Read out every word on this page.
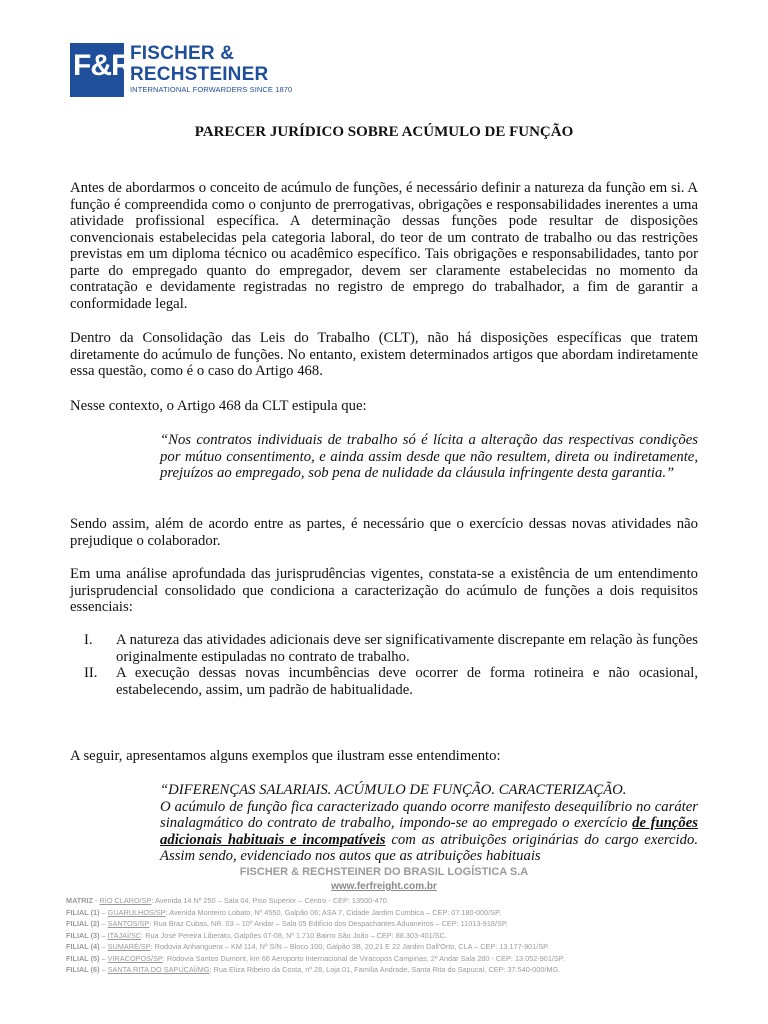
F&R
FISCHER &
RECHSTEINER
INTERNATIONAL FORWARDERS SINCE 1870
PARECER JURÍDICO SOBRE ACÚMULO DE FUNÇÃO

Antes de abordarmos o conceito de acúmulo de funções, é necessário definir a natureza da função em si. A função é compreendida como o conjunto de prerrogativas, obrigações e responsabilidades inerentes a uma atividade profissional específica. A determinação dessas funções pode resultar de disposições convencionais estabelecidas pela categoria laboral, do teor de um contrato de trabalho ou das restrições previstas em um diploma técnico ou acadêmico específico. Tais obrigações e responsabilidades, tanto por parte do empregado quanto do empregador, devem ser claramente estabelecidas no momento da contratação e devidamente registradas no registro de emprego do trabalhador, a fim de garantir a conformidade legal.

Dentro da Consolidação das Leis do Trabalho (CLT), não há disposições específicas que tratem diretamente do acúmulo de funções. No entanto, existem determinados artigos que abordam indiretamente essa questão, como é o caso do Artigo 468.

Nesse contexto, o Artigo 468 da CLT estipula que:

“Nos contratos individuais de trabalho só é lícita a alteração das respectivas condições por mútuo consentimento, e ainda assim desde que não resultem, direta ou indiretamente, prejuízos ao empregado, sob pena de nulidade da cláusula infringente desta garantia.”

Sendo assim, além de acordo entre as partes, é necessário que o exercício dessas novas atividades não prejudique o colaborador.

Em uma análise aprofundada das jurisprudências vigentes, constata-se a existência de um entendimento jurisprudencial consolidado que condiciona a caracterização do acúmulo de funções a dois requisitos essenciais:

I. A natureza das atividades adicionais deve ser significativamente discrepante em relação às funções originalmente estipuladas no contrato de trabalho.
II. A execução dessas novas incumbências deve ocorrer de forma rotineira e não ocasional, estabelecendo, assim, um padrão de habitualidade.

A seguir, apresentamos alguns exemplos que ilustram esse entendimento:

“DIFERENÇAS SALARIAIS. ACÚMULO DE FUNÇÃO. CARACTERIZAÇÃO.
O acúmulo de função fica caracterizado quando ocorre manifesto desequilíbrio no caráter sinalagmático do contrato de trabalho, impondo-se ao empregado o exercício de funções adicionais habituais e incompatíveis com as atribuições originárias do cargo exercido. Assim sendo, evidenciado nos autos que as atribuições habituais
FISCHER & RECHSTEINER DO BRASIL LOGÍSTICA S.A
www.ferfreight.com.br
MATRIZ - RIO CLARO/SP: Avenida 14 Nº 250 – Sala 04, Piso Superior – Centro - CEP: 13500-470.
FILIAL (1) – GUARULHOS/SP: Avenida Monteiro Lobato, Nº 4550, Galpão 06; ASA 7, Cidade Jardim Cumbica – CEP: 07.180-000/SP.
FILIAL (2) – SANTOS/SP: Rua Braz Cubas, NR. 03 – 10º Andar – Sala 05 Edifício dos Despachantes Aduaneiros – CEP: 11013-918/SP.
FILIAL (3) – ITAJAÍ/SC: Rua José Pereira Liberato, Galpões 07-08, Nº 1.710 Bairro São João – CEP: 88.303-401/SC.
FILIAL (4) – SUMARÉ/SP: Rodovia Anhanguera – KM 114, Nº S/N – Bloco 100; Galpão 3B, 20,21 E 22 Jardim Dall'Orto, CLA – CEP: 13.177-901/SP.
FILIAL (5) – VIRACOPOS/SP: Rodovia Santos Dumont, km 66 Aeroporto Internacional de Viracopos Campinas, 2º Andar Sala 280 - CEP: 13.052-901/SP.
FILIAL (6) – SANTA RITA DO SAPUCAÍ/MG: Rua Eliza Ribeiro da Costa, nº 28, Loja 01, Família Andrade, Santa Rita do Sapucaí, CEP: 37.540-000/MG.
